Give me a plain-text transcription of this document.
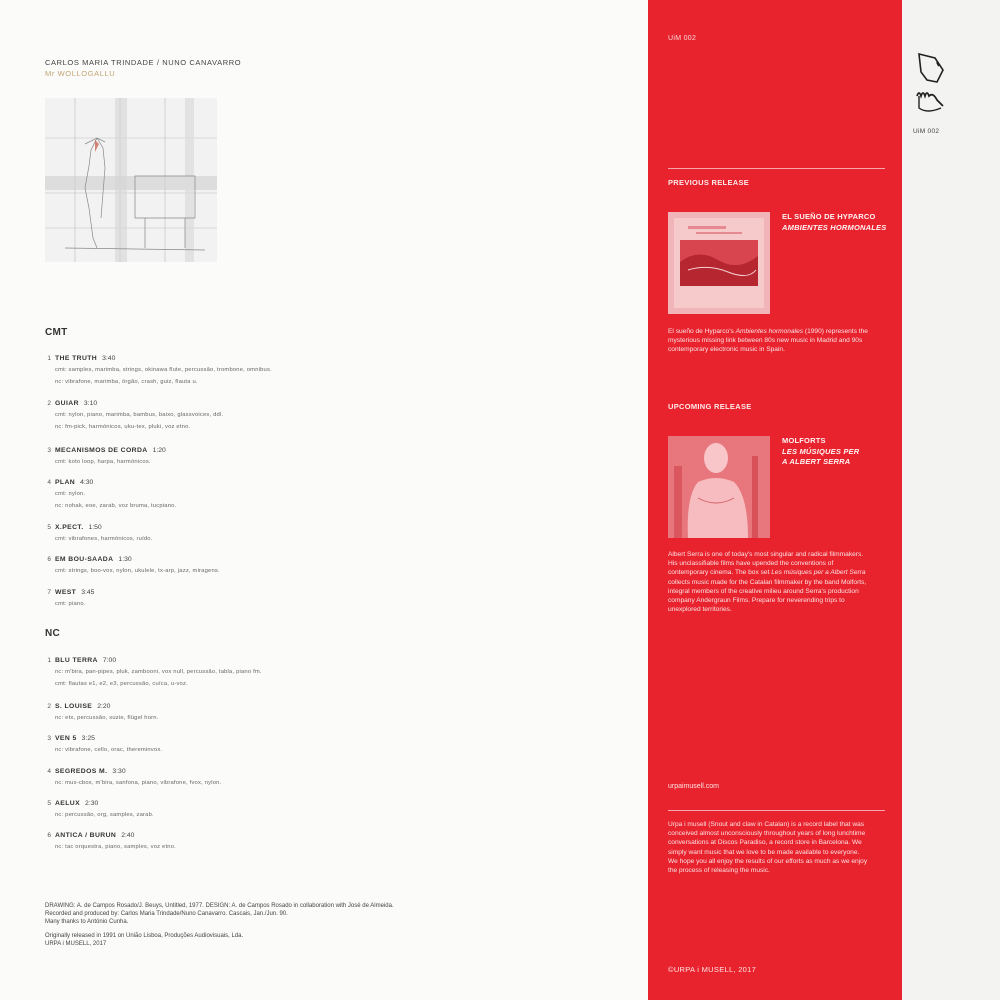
CARLOS MARIA TRINDADE / NUNO CANAVARRO
Mr WOLLOGALLU
CMT
1 THE TRUTH 3:40
cmt: samples, marimba, strings, okinawa flute, percussão, trombone, omnibus.
nc: vibrafone, marimba, órgão, crash, guiz, flauta u.
2 GUIAR 3:10
cmt: nylon, piano, marimba, bambus, baixo, glassvoices, ddl.
nc: fm-pick, harmónicos, uku-tex, pluki, voz etno.
3 MECANISMOS DE CORDA 1:20
cmt: koto loop, harpa, harmónicos.
4 PLAN 4:30
cmt: nylon.
nc: nohak, eoe, zarab, voz bruma, tucpiano.
5 X.PECT. 1:50
cmt: vibrafones, harmónicos, ruído.
6 EM BOU-SAADA 1:30
cmt: strings, boo-vox, nylon, ukulele, tx-arp, jazz, miragens.
7 WEST 3:45
cmt: piano.
NC
1 BLU TERRA 7:00
nc: m'bira, pan-pipes, pluk, zambooni, vox null, percussão, tabla, piano fm.
cmt: flautas e1, e2, e3, percussão, cuíca, u-voz.
2 S. LOUISE 2:20
nc: etx, percussão, suzie, flügel horn.
3 VEN 5 3:25
nc: vibrafone, cello, orac, thereminvox.
4 SEGREDOS M. 3:30
nc: mus-cbox, m'bira, sanfona, piano, vibrafone, fvox, nylon.
5 AELUX 2:30
nc: percussão, org, samples, zarab.
6 ANTICA / BURUN 2:40
nc: tac orquestra, piano, samples, voz etno.
DRAWING: A. de Campos Rosado/J. Beuys, Untitled, 1977. DESIGN: A. de Campos Rosado in collaboration with José de Almeida.
Recorded and produced by: Carlos Maria Trindade/Nuno Canavarro. Cascais, Jan./Jun. 90.
Many thanks to António Cunha.
Originally released in 1991 on União Lisboa, Produções Audiovisuais, Lda.
URPA i MUSELL, 2017
UiM 002
PREVIOUS RELEASE
EL SUEÑO DE HYPARCO
AMBIENTES HORMONALES
El sueño de Hyparco's Ambientes hormonales (1990) represents the mysterious missing link between 80s new music in Madrid and 90s contemporary electronic music in Spain.
UPCOMING RELEASE
MOLFORTS
LES MÚSIQUES PER
A ALBERT SERRA
Albert Serra is one of today's most singular and radical filmmakers. His unclassifiable films have upended the conventions of contemporary cinema. The box set Les músiques per a Albert Serra collects music made for the Catalan filmmaker by the band Molforts, integral members of the creative milieu around Serra's production company Andergraun Films. Prepare for neverending trips to unexplored territories.
urpaimusell.com
Urpa i musell (Snout and claw in Catalan) is a record label that was conceived almost unconsciously throughout years of long lunchtime conversations at Discos Paradiso, a record store in Barcelona. We simply want music that we love to be made available to everyone. We hope you all enjoy the results of our efforts as much as we enjoy the process of releasing the music.
©URPA i MUSELL, 2017
UiM 002
